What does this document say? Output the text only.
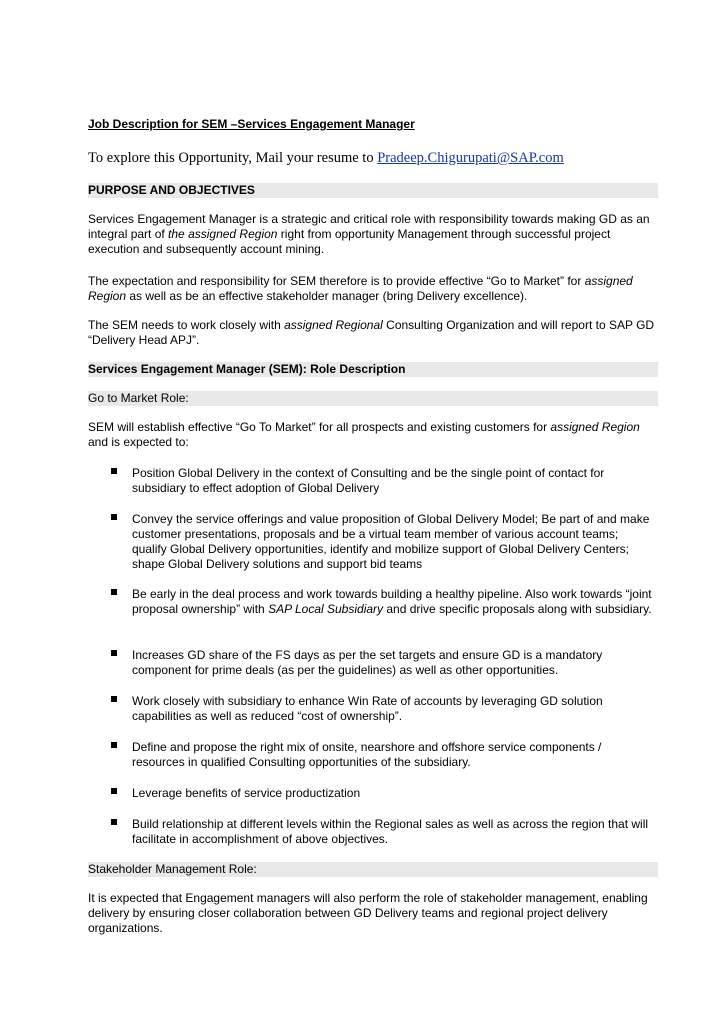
Job Description for SEM –Services Engagement Manager
To explore this Opportunity, Mail your resume to Pradeep.Chigurupati@SAP.com
PURPOSE AND OBJECTIVES

Services Engagement Manager is a strategic and critical role with responsibility towards making GD as an integral part of the assigned Region right from opportunity Management through successful project execution and subsequently account mining.

The expectation and responsibility for SEM therefore is to provide effective “Go to Market” for assigned Region as well as be an effective stakeholder manager (bring Delivery excellence).

The SEM needs to work closely with assigned Regional Consulting Organization and will report to SAP GD “Delivery Head APJ”.

Services Engagement Manager (SEM): Role Description
Go to Market Role:

SEM will establish effective “Go To Market” for all prospects and existing customers for assigned Region and is expected to:

Position Global Delivery in the context of Consulting and be the single point of contact for subsidiary to effect adoption of Global Delivery
Convey the service offerings and value proposition of Global Delivery Model; Be part of and make customer presentations, proposals and be a virtual team member of various account teams; qualify Global Delivery opportunities, identify and mobilize support of Global Delivery Centers; shape Global Delivery solutions and support bid teams
Be early in the deal process and work towards building a healthy pipeline. Also work towards “joint proposal ownership” with SAP Local Subsidiary and drive specific proposals along with subsidiary.
Increases GD share of the FS days as per the set targets and ensure GD is a mandatory component for prime deals (as per the guidelines) as well as other opportunities.
Work closely with subsidiary to enhance Win Rate of accounts by leveraging GD solution capabilities as well as reduced “cost of ownership”.
Define and propose the right mix of onsite, nearshore and offshore service components / resources in qualified Consulting opportunities of the subsidiary.
Leverage benefits of service productization
Build relationship at different levels within the Regional sales as well as across the region that will facilitate in accomplishment of above objectives.
Stakeholder Management Role:

It is expected that Engagement managers will also perform the role of stakeholder management, enabling delivery by ensuring closer collaboration between GD Delivery teams and regional project delivery organizations.
